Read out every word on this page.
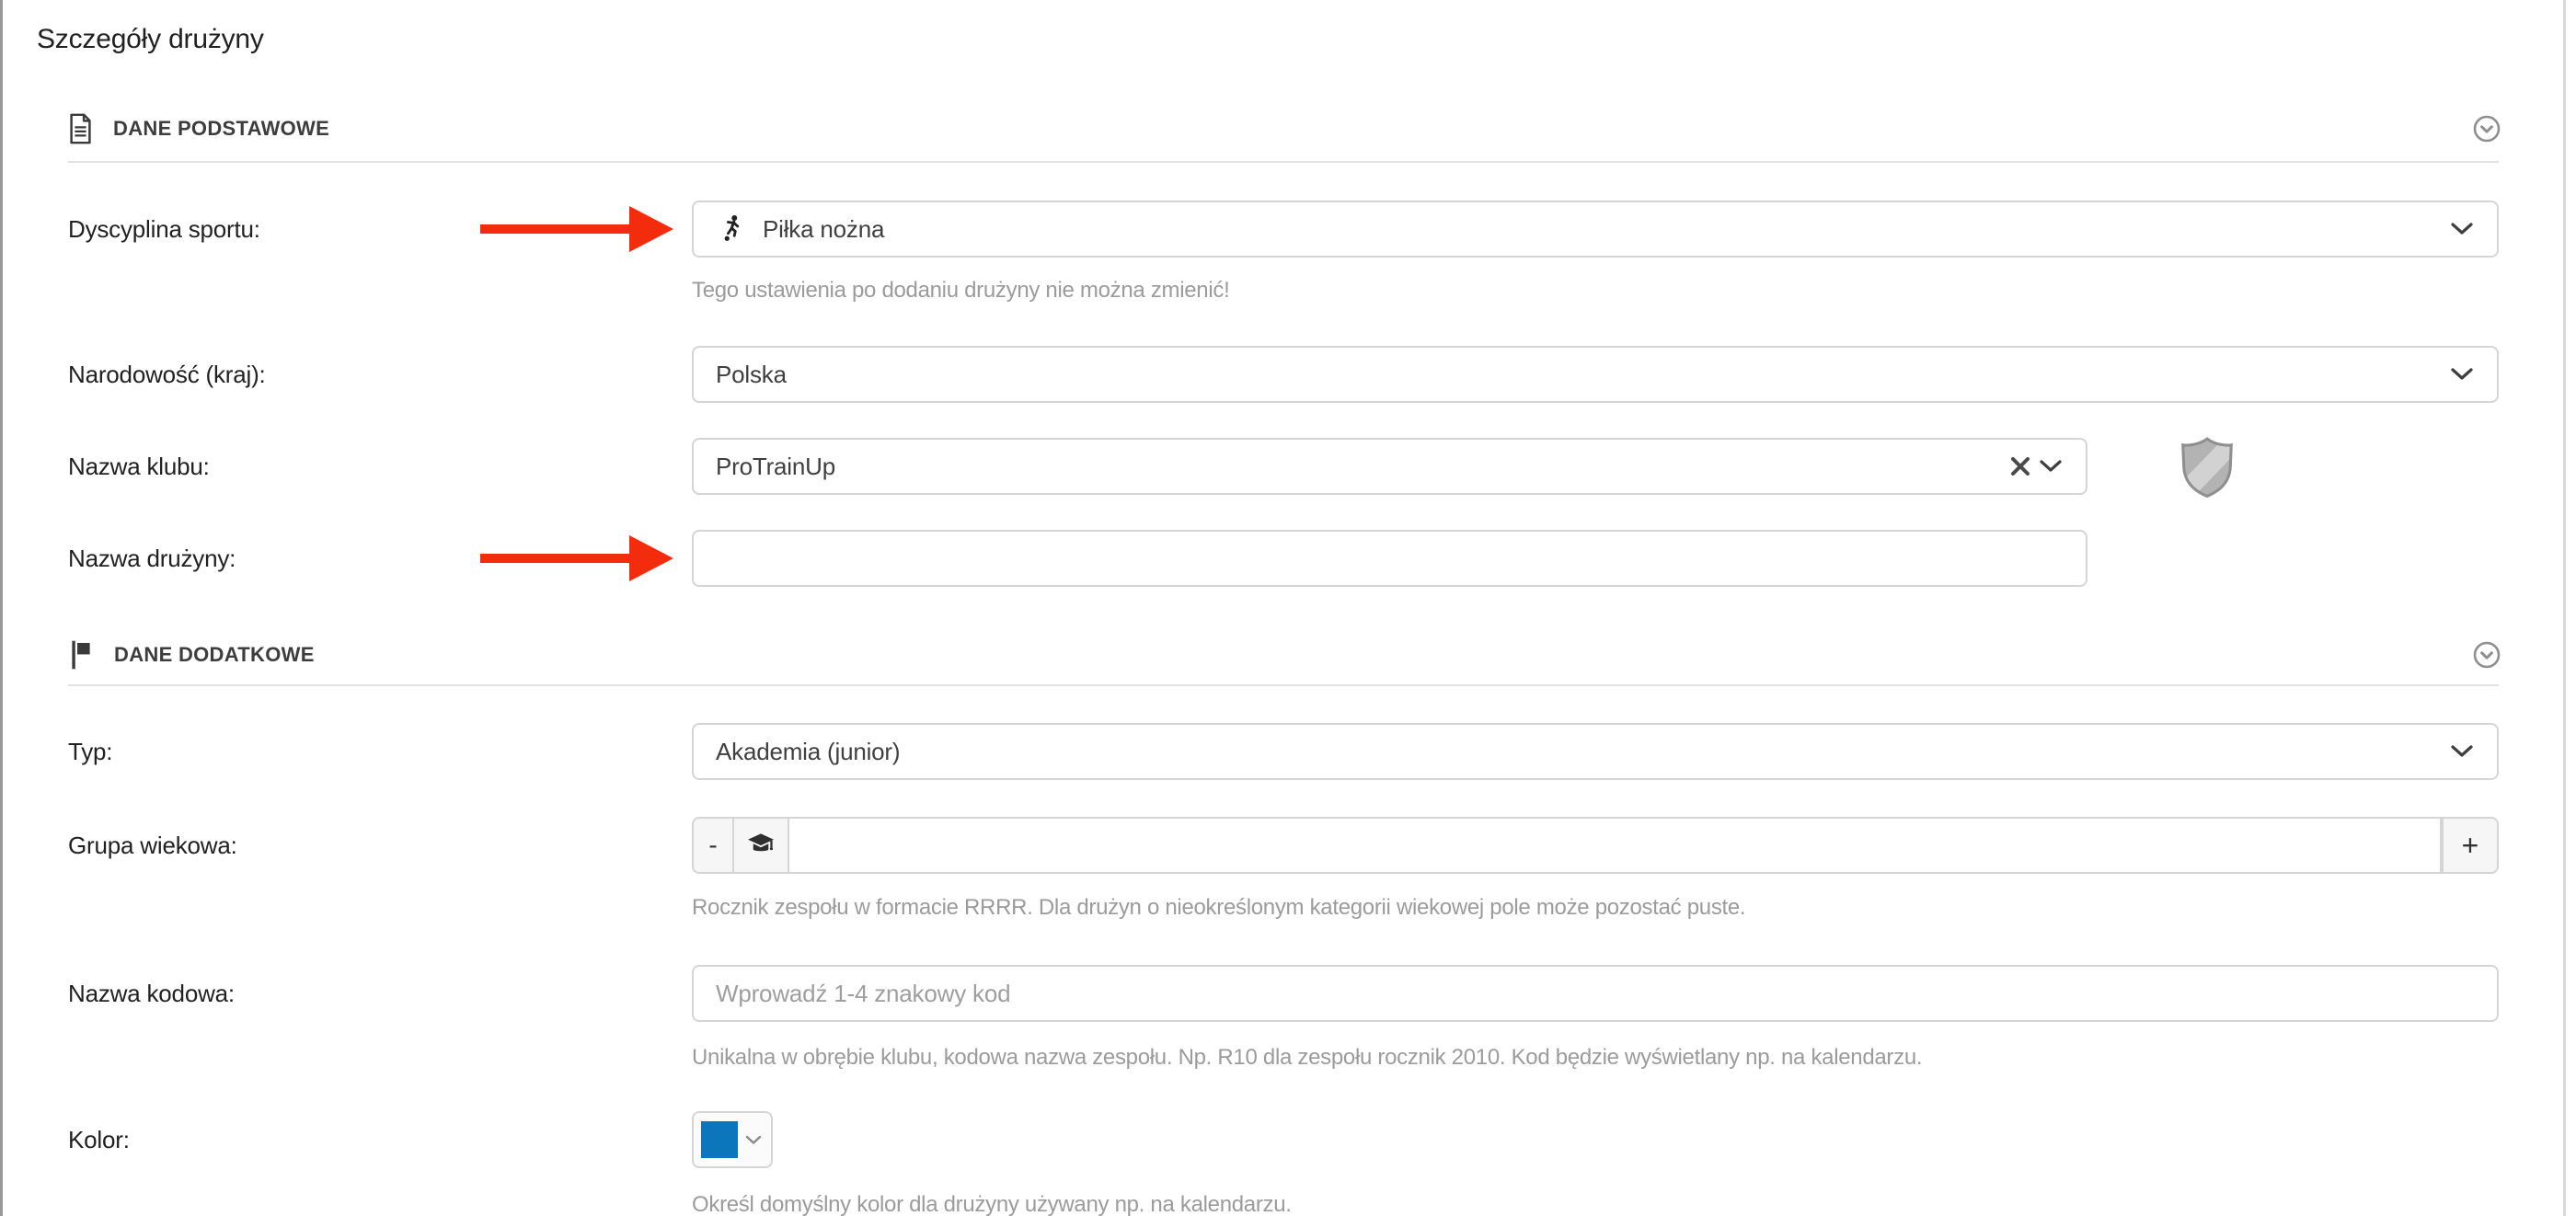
Szczegóły drużyny
DANE PODSTAWOWE
Dyscyplina sportu:	Piłka nożna
Tego ustawienia po dodaniu drużyny nie można zmienić!
Narodowość (kraj):	Polska
Nazwa klubu:	ProTrainUp
Nazwa drużyny:
DANE DODATKOWE
Typ:	Akademia (junior)
Grupa wiekowa:	-	+
Rocznik zespołu w formacie RRRR. Dla drużyn o nieokreślonym kategorii wiekowej pole może pozostać puste.
Nazwa kodowa:
Wprowadź 1-4 znakowy kod
Unikalna w obrębie klubu, kodowa nazwa zespołu. Np. R10 dla zespołu rocznik 2010. Kod będzie wyświetlany np. na kalendarzu.
Kolor:
Określ domyślny kolor dla drużyny używany np. na kalendarzu.
